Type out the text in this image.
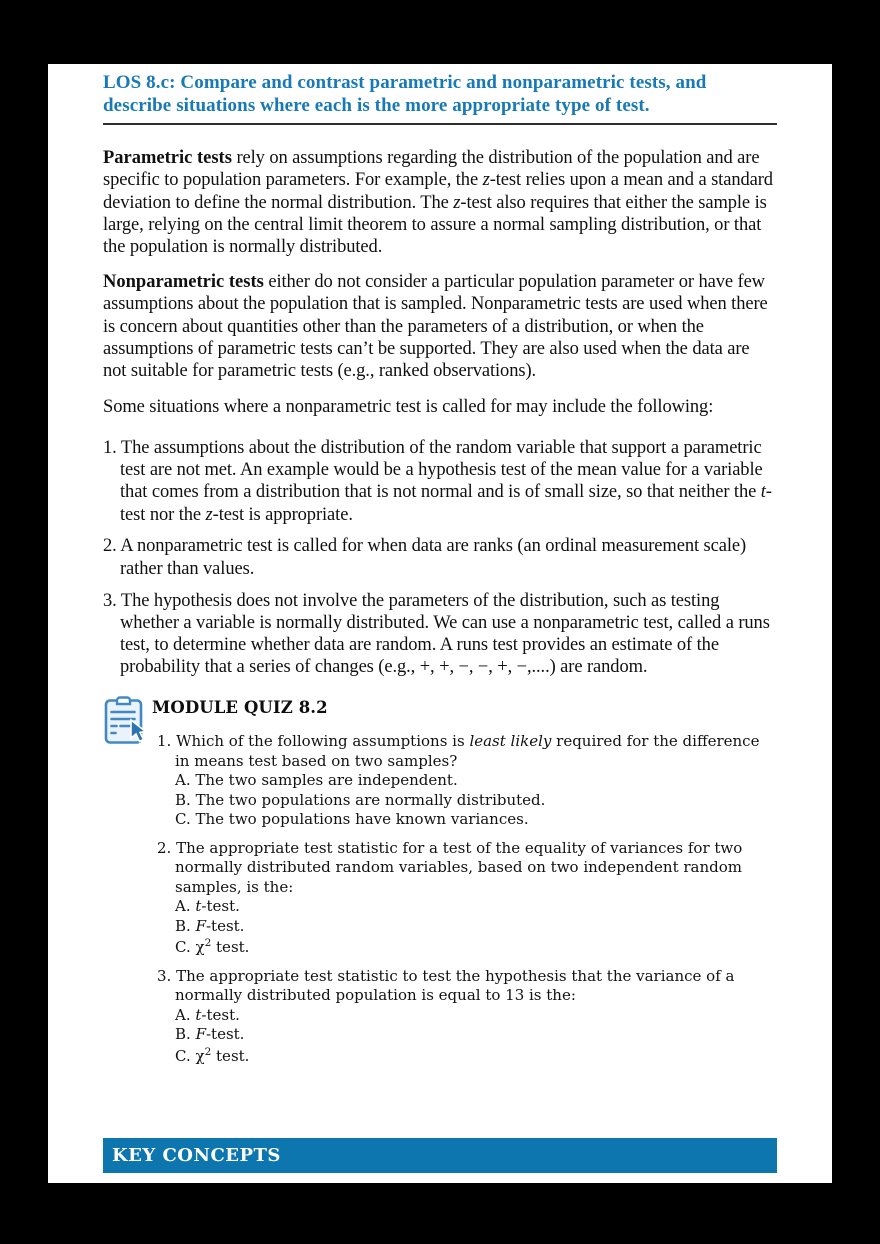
LOS 8.c: Compare and contrast parametric and nonparametric tests, and describe situations where each is the more appropriate type of test.

Parametric tests rely on assumptions regarding the distribution of the population and are specific to population parameters. For example, the z-test relies upon a mean and a standard deviation to define the normal distribution. The z-test also requires that either the sample is large, relying on the central limit theorem to assure a normal sampling distribution, or that the population is normally distributed.

Nonparametric tests either do not consider a particular population parameter or have few assumptions about the population that is sampled. Nonparametric tests are used when there is concern about quantities other than the parameters of a distribution, or when the assumptions of parametric tests can’t be supported. They are also used when the data are not suitable for parametric tests (e.g., ranked observations).

Some situations where a nonparametric test is called for may include the following:

1. The assumptions about the distribution of the random variable that support a parametric test are not met. An example would be a hypothesis test of the mean value for a variable that comes from a distribution that is not normal and is of small size, so that neither the t-test nor the z-test is appropriate.
2. A nonparametric test is called for when data are ranks (an ordinal measurement scale) rather than values.
3. The hypothesis does not involve the parameters of the distribution, such as testing whether a variable is normally distributed. We can use a nonparametric test, called a runs test, to determine whether data are random. A runs test provides an estimate of the probability that a series of changes (e.g., +, +, −, −, +, −,....) are random.
MODULE QUIZ 8.2
1. Which of the following assumptions is least likely required for the difference in means test based on two samples?
A. The two samples are independent.
B. The two populations are normally distributed.
C. The two populations have known variances.
2. The appropriate test statistic for a test of the equality of variances for two normally distributed random variables, based on two independent random samples, is the:
A. t-test.
B. F-test.
C. $\chi^2$ test.
3. The appropriate test statistic to test the hypothesis that the variance of a normally distributed population is equal to 13 is the:
A. t-test.
B. F-test.
C. $\chi^2$ test.
KEY CONCEPTS
